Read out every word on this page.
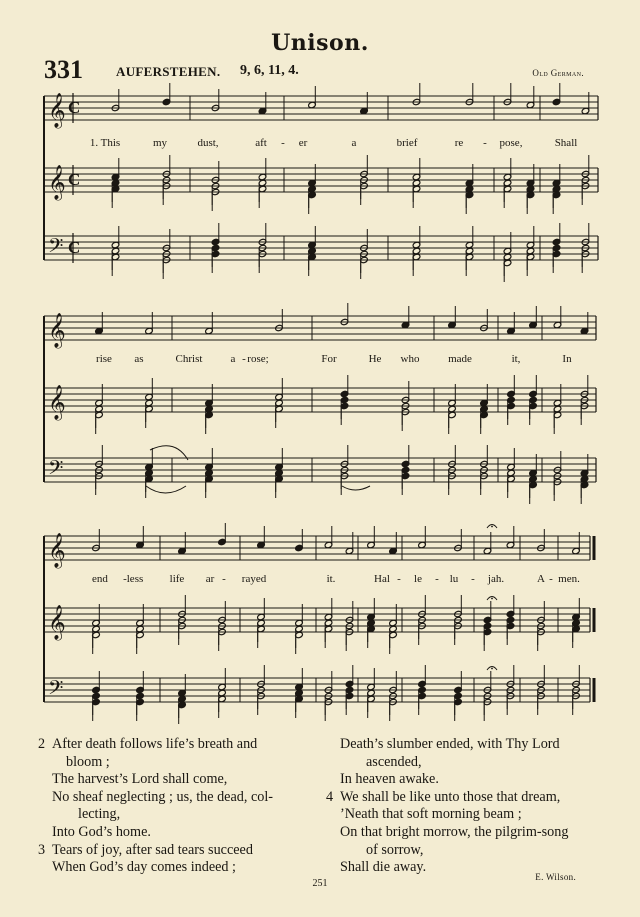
Unison.
331	AUFERSTEHEN. 9, 6, 11, 4.	Old German.
𝄞 C
𝄞 C
𝄢 C
1. This	my	dust,	aft - er	a	brief	re - pose,	Shall
𝄞
𝄞
𝄢
rise as	Christ	a - rose;	For	He who	made	it,	In
𝄞
𝄞
𝄢
end - less life ar - rayed	it.	Hal - le - lu - jah.	A - men.
2 After death follows life’s breath and
bloom ;
The harvest’s Lord shall come,
No sheaf neglecting ; us, the dead, col-
lecting,
Into God’s home.
3 Tears of joy, after sad tears succeed
When God’s day comes indeed ;
Death’s slumber ended, with Thy Lord
ascended,
In heaven awake.
4 We shall be like unto those that dream,
’Neath that soft morning beam ;
On that bright morrow, the pilgrim-song
of sorrow,
Shall die away.
E. Wilson.
251
